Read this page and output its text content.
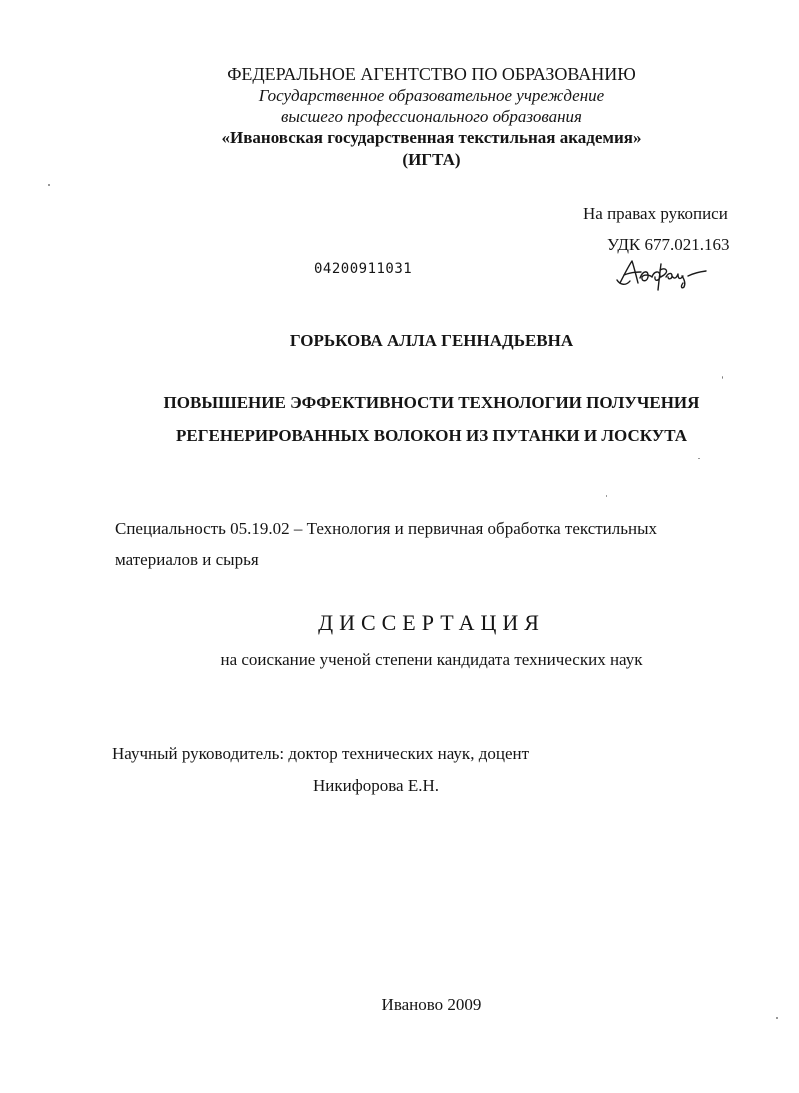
ФЕДЕРАЛЬНОЕ АГЕНТСТВО ПО ОБРАЗОВАНИЮ

Государственное образовательное учреждение

высшего профессионального образования

«Ивановская государственная текстильная академия»

(ИГТА)

На правах рукописи

УДК 677.021.163

04200911031

ГОРЬКОВА АЛЛА ГЕННАДЬЕВНА

ПОВЫШЕНИЕ ЭФФЕКТИВНОСТИ ТЕХНОЛОГИИ ПОЛУЧЕНИЯ

РЕГЕНЕРИРОВАННЫХ ВОЛОКОН ИЗ ПУТАНКИ И ЛОСКУТА

Специальность 05.19.02 – Технология и первичная обработка текстильных

материалов и сырья

ДИССЕРТАЦИЯ

на соискание ученой степени кандидата технических наук

Научный руководитель: доктор технических наук, доцент

Никифорова Е.Н.

Иваново 2009
